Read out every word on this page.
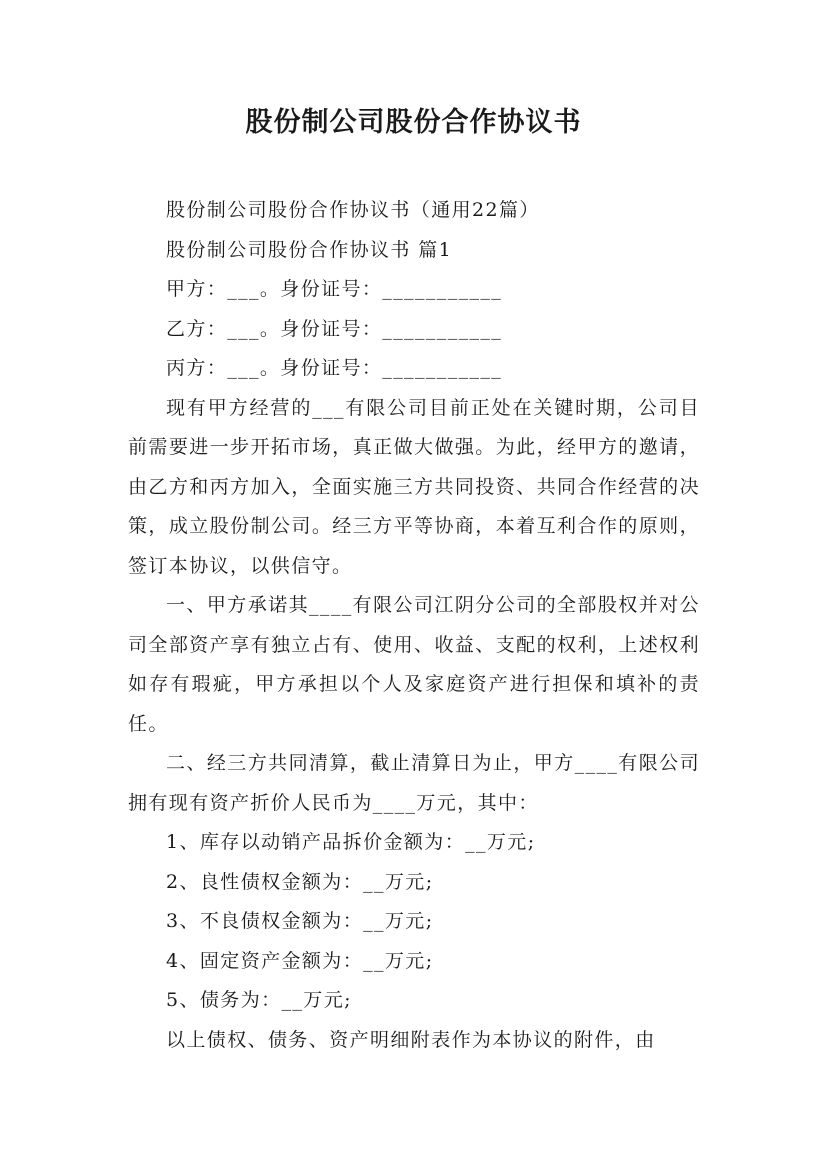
股份制公司股份合作协议书

股份制公司股份合作协议书（通用22篇）

股份制公司股份合作协议书 篇1

甲方：___。身份证号：___________

乙方：___。身份证号：___________

丙方：___。身份证号：___________

现有甲方经营的___有限公司目前正处在关键时期，公司目前需要进一步开拓市场，真正做大做强。为此，经甲方的邀请，由乙方和丙方加入，全面实施三方共同投资、共同合作经营的决策，成立股份制公司。经三方平等协商，本着互利合作的原则，签订本协议，以供信守。

一、甲方承诺其____有限公司江阴分公司的全部股权并对公司全部资产享有独立占有、使用、收益、支配的权利，上述权利如存有瑕疵，甲方承担以个人及家庭资产进行担保和填补的责任。

二、经三方共同清算，截止清算日为止，甲方____有限公司拥有现有资产折价人民币为____万元，其中：

1、库存以动销产品拆价金额为：__万元;

2、良性债权金额为：__万元;

3、不良债权金额为：__万元;

4、固定资产金额为：__万元;

5、债务为：__万元;

以上债权、债务、资产明细附表作为本协议的附件，由
